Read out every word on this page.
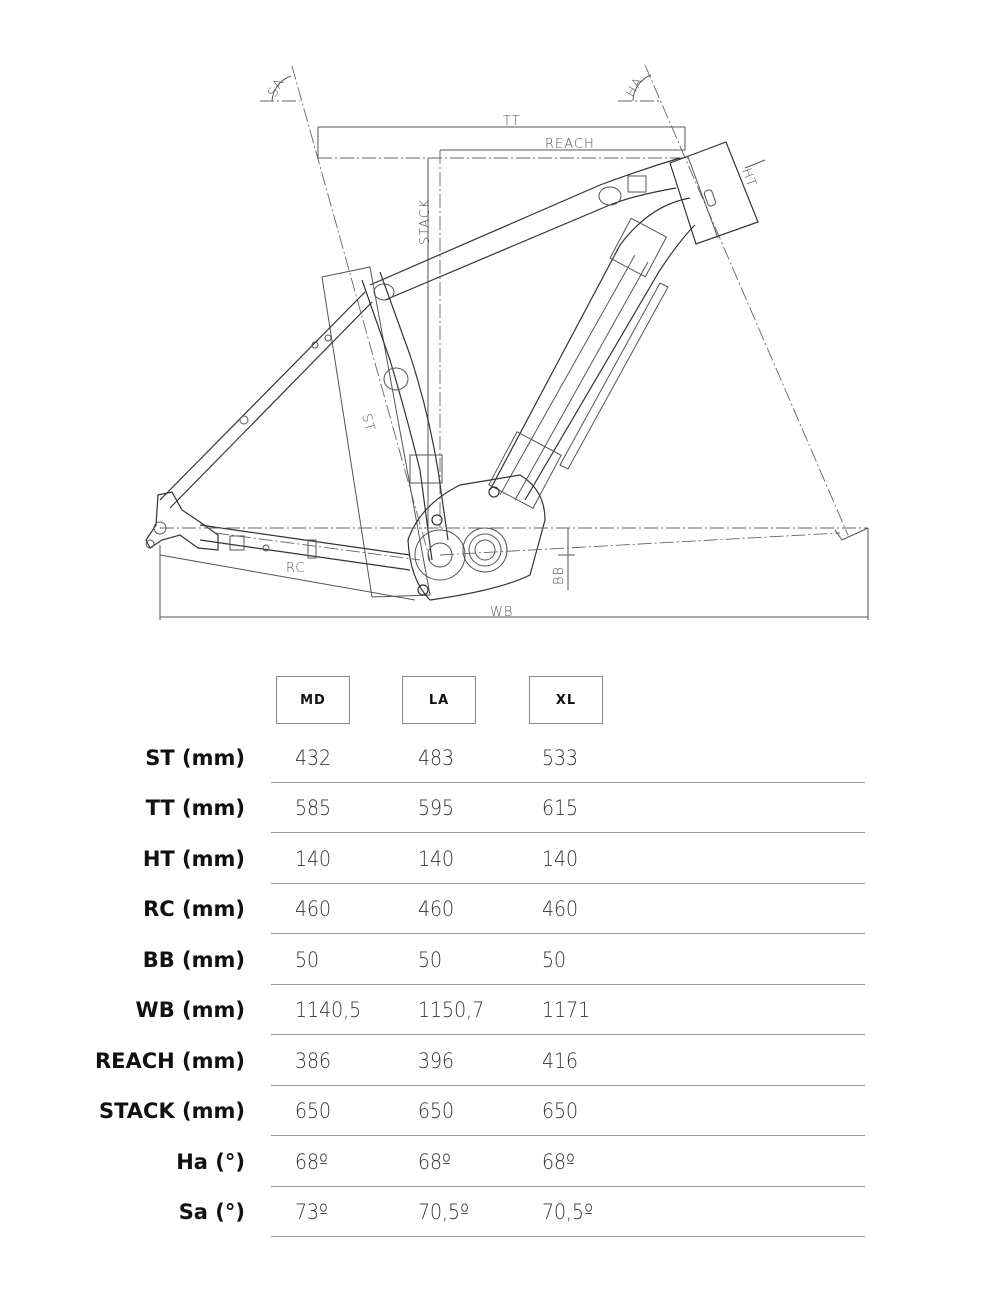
SA	HA
TT
REACH
STACK
HT
ST
RC	BB
WB
MD	LA	XL
ST (mm) 432	483	533
TT (mm) 585	595	615
HT (mm) 140	140	140
RC (mm) 460	460	460
BB (mm) 50	50	50
WB (mm) 1140,5	1150,7	1171
REACH (mm) 386	396	416
STACK (mm) 650	650	650
Ha (°) 68º	68º	68º
Sa (°) 73º	70,5º	70,5º
